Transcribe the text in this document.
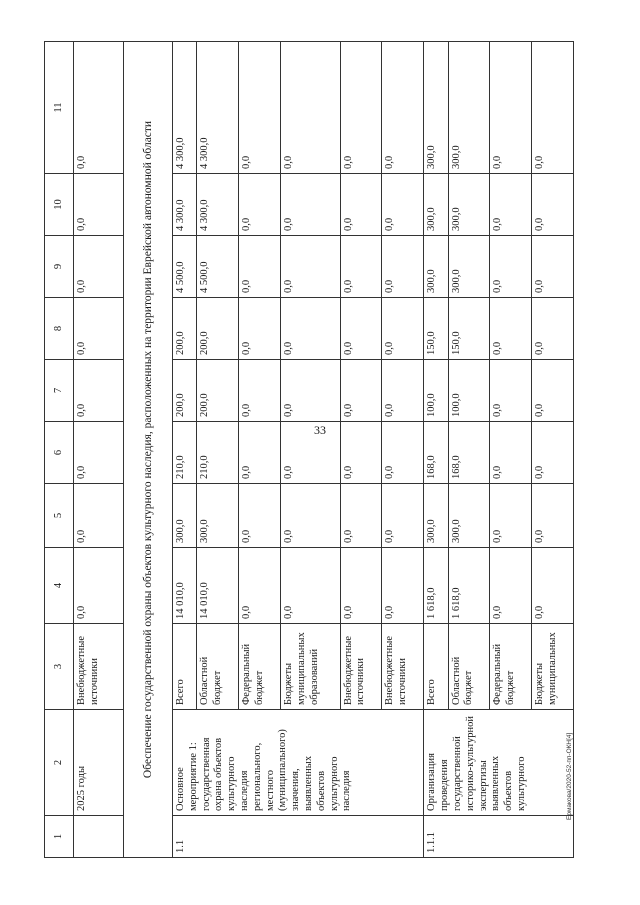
33
Ермакова/2020-52-пп-ОКН[4]
1	2	3	4	5	6	7	8	9	10	11
	2025 годы	Внебюджетные источники	0,0	0,0	0,0	0,0	0,0	0,0	0,0	0,0
Обеспечение государственной охраны объектов культурного наследия, расположенных на территории Еврейской автономной области										
1.1	Основное мероприятие 1: государственная охрана объектов культурного наследия регионального, местного (муниципального) значения, выявленных объектов культурного наследия	Всего	14 010,0	300,0	210,0	200,0	200,0	4 500,0	4 300,0	4 300,0
		Областной бюджет	14 010,0	300,0	210,0	200,0	200,0	4 500,0	4 300,0	4 300,0
		Федеральный бюджет	0,0	0,0	0,0	0,0	0,0	0,0	0,0	0,0
		Бюджеты муниципальных образований	0,0	0,0	0,0	0,0	0,0	0,0	0,0	0,0
		Внебюджетные источники	0,0	0,0	0,0	0,0	0,0	0,0	0,0	0,0
		Внебюджетные источники	0,0	0,0	0,0	0,0	0,0	0,0	0,0	0,0
1.1.1	Организация проведения государственной историко-культурной экспертизы выявленных объектов культурного	Всего	1 618,0	300,0	168,0	100,0	150,0	300,0	300,0	300,0
		Областной бюджет	1 618,0	300,0	168,0	100,0	150,0	300,0	300,0	300,0
		Федеральный бюджет	0,0	0,0	0,0	0,0	0,0	0,0	0,0	0,0
		Бюджеты муниципальных	0,0	0,0	0,0	0,0	0,0	0,0	0,0	0,0
